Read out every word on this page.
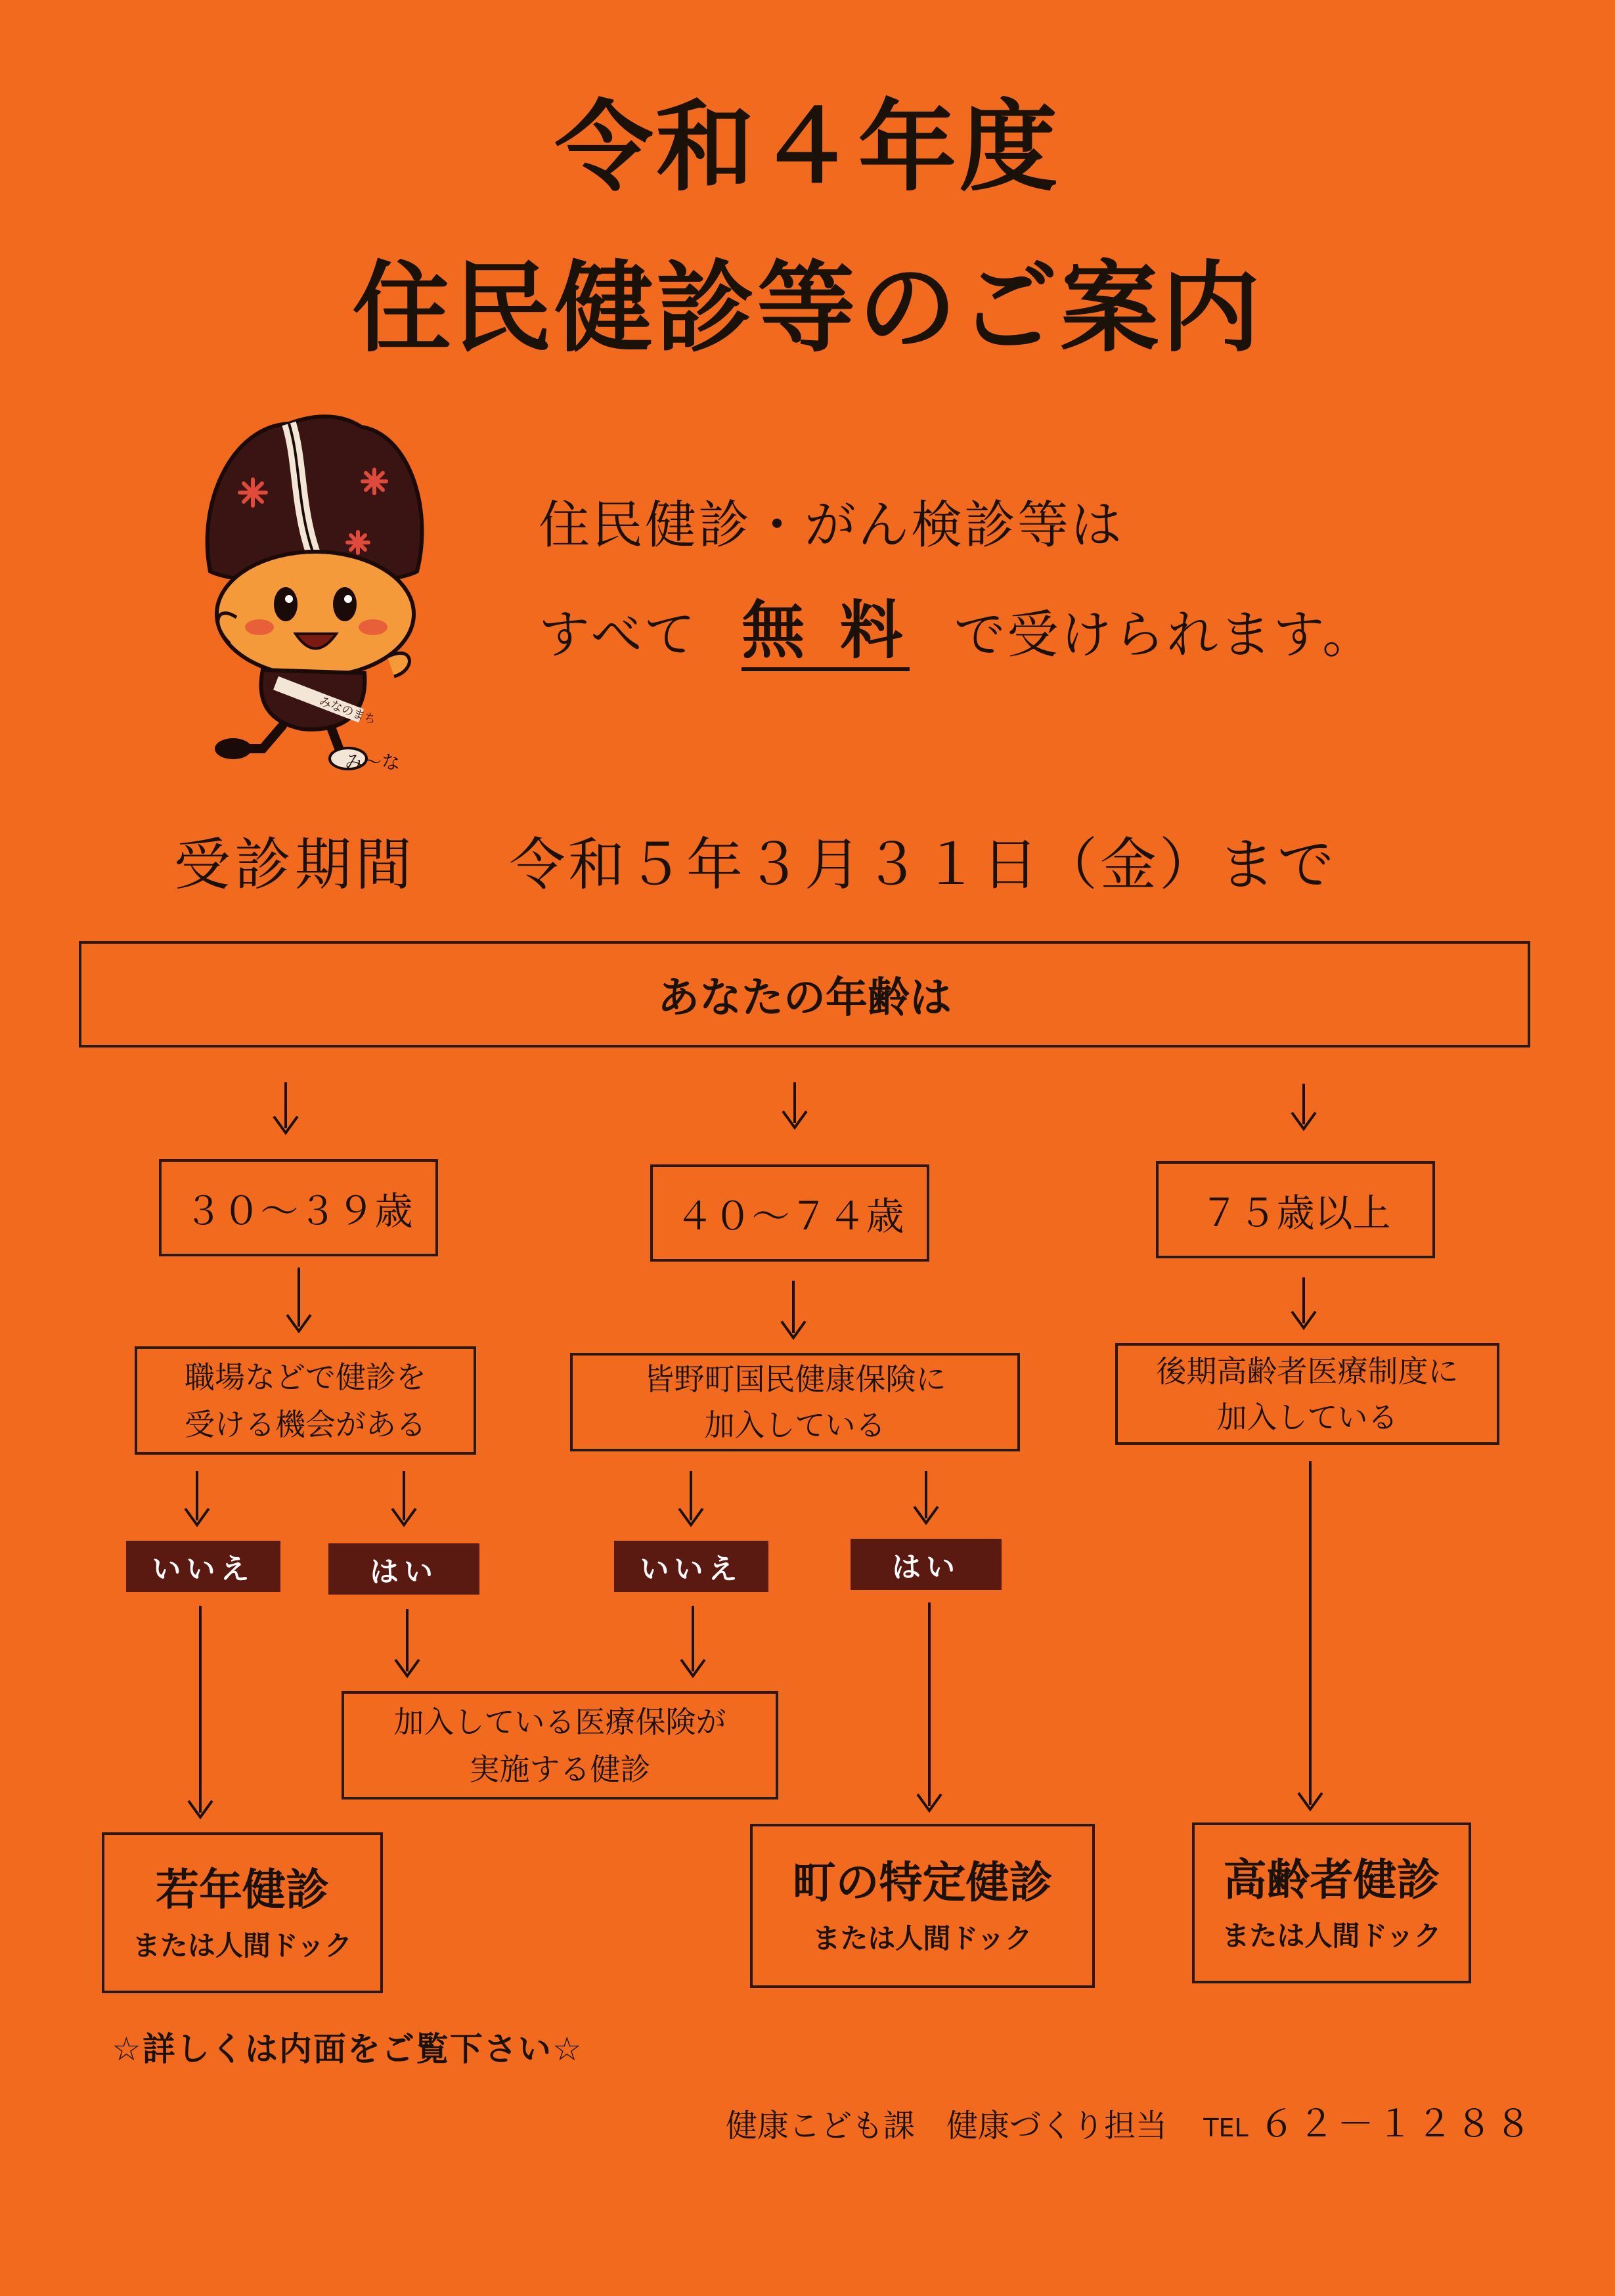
令和４年度
住民健診等のご案内
みなのまち
み～な
住民健診・がん検診等は
すべて 無 料 で受けられます。
受診期間 令和５年３月３１日（金）まで
あなたの年齢は
３０～３９歳	４０～７４歳	７５歳以上
職場などで健診を
受ける機会がある
皆野町国民健康保険に
加入している
後期高齢者医療制度に
加入している
いいえ	はい	いいえ	はい
加入している医療保険が
実施する健診
若年健診
または人間ドック
町の特定健診
または人間ドック
高齢者健診
または人間ドック
☆詳しくは内面をご覧下さい☆
健康こども課　健康づくり担当 TEL ６２－１２８８
